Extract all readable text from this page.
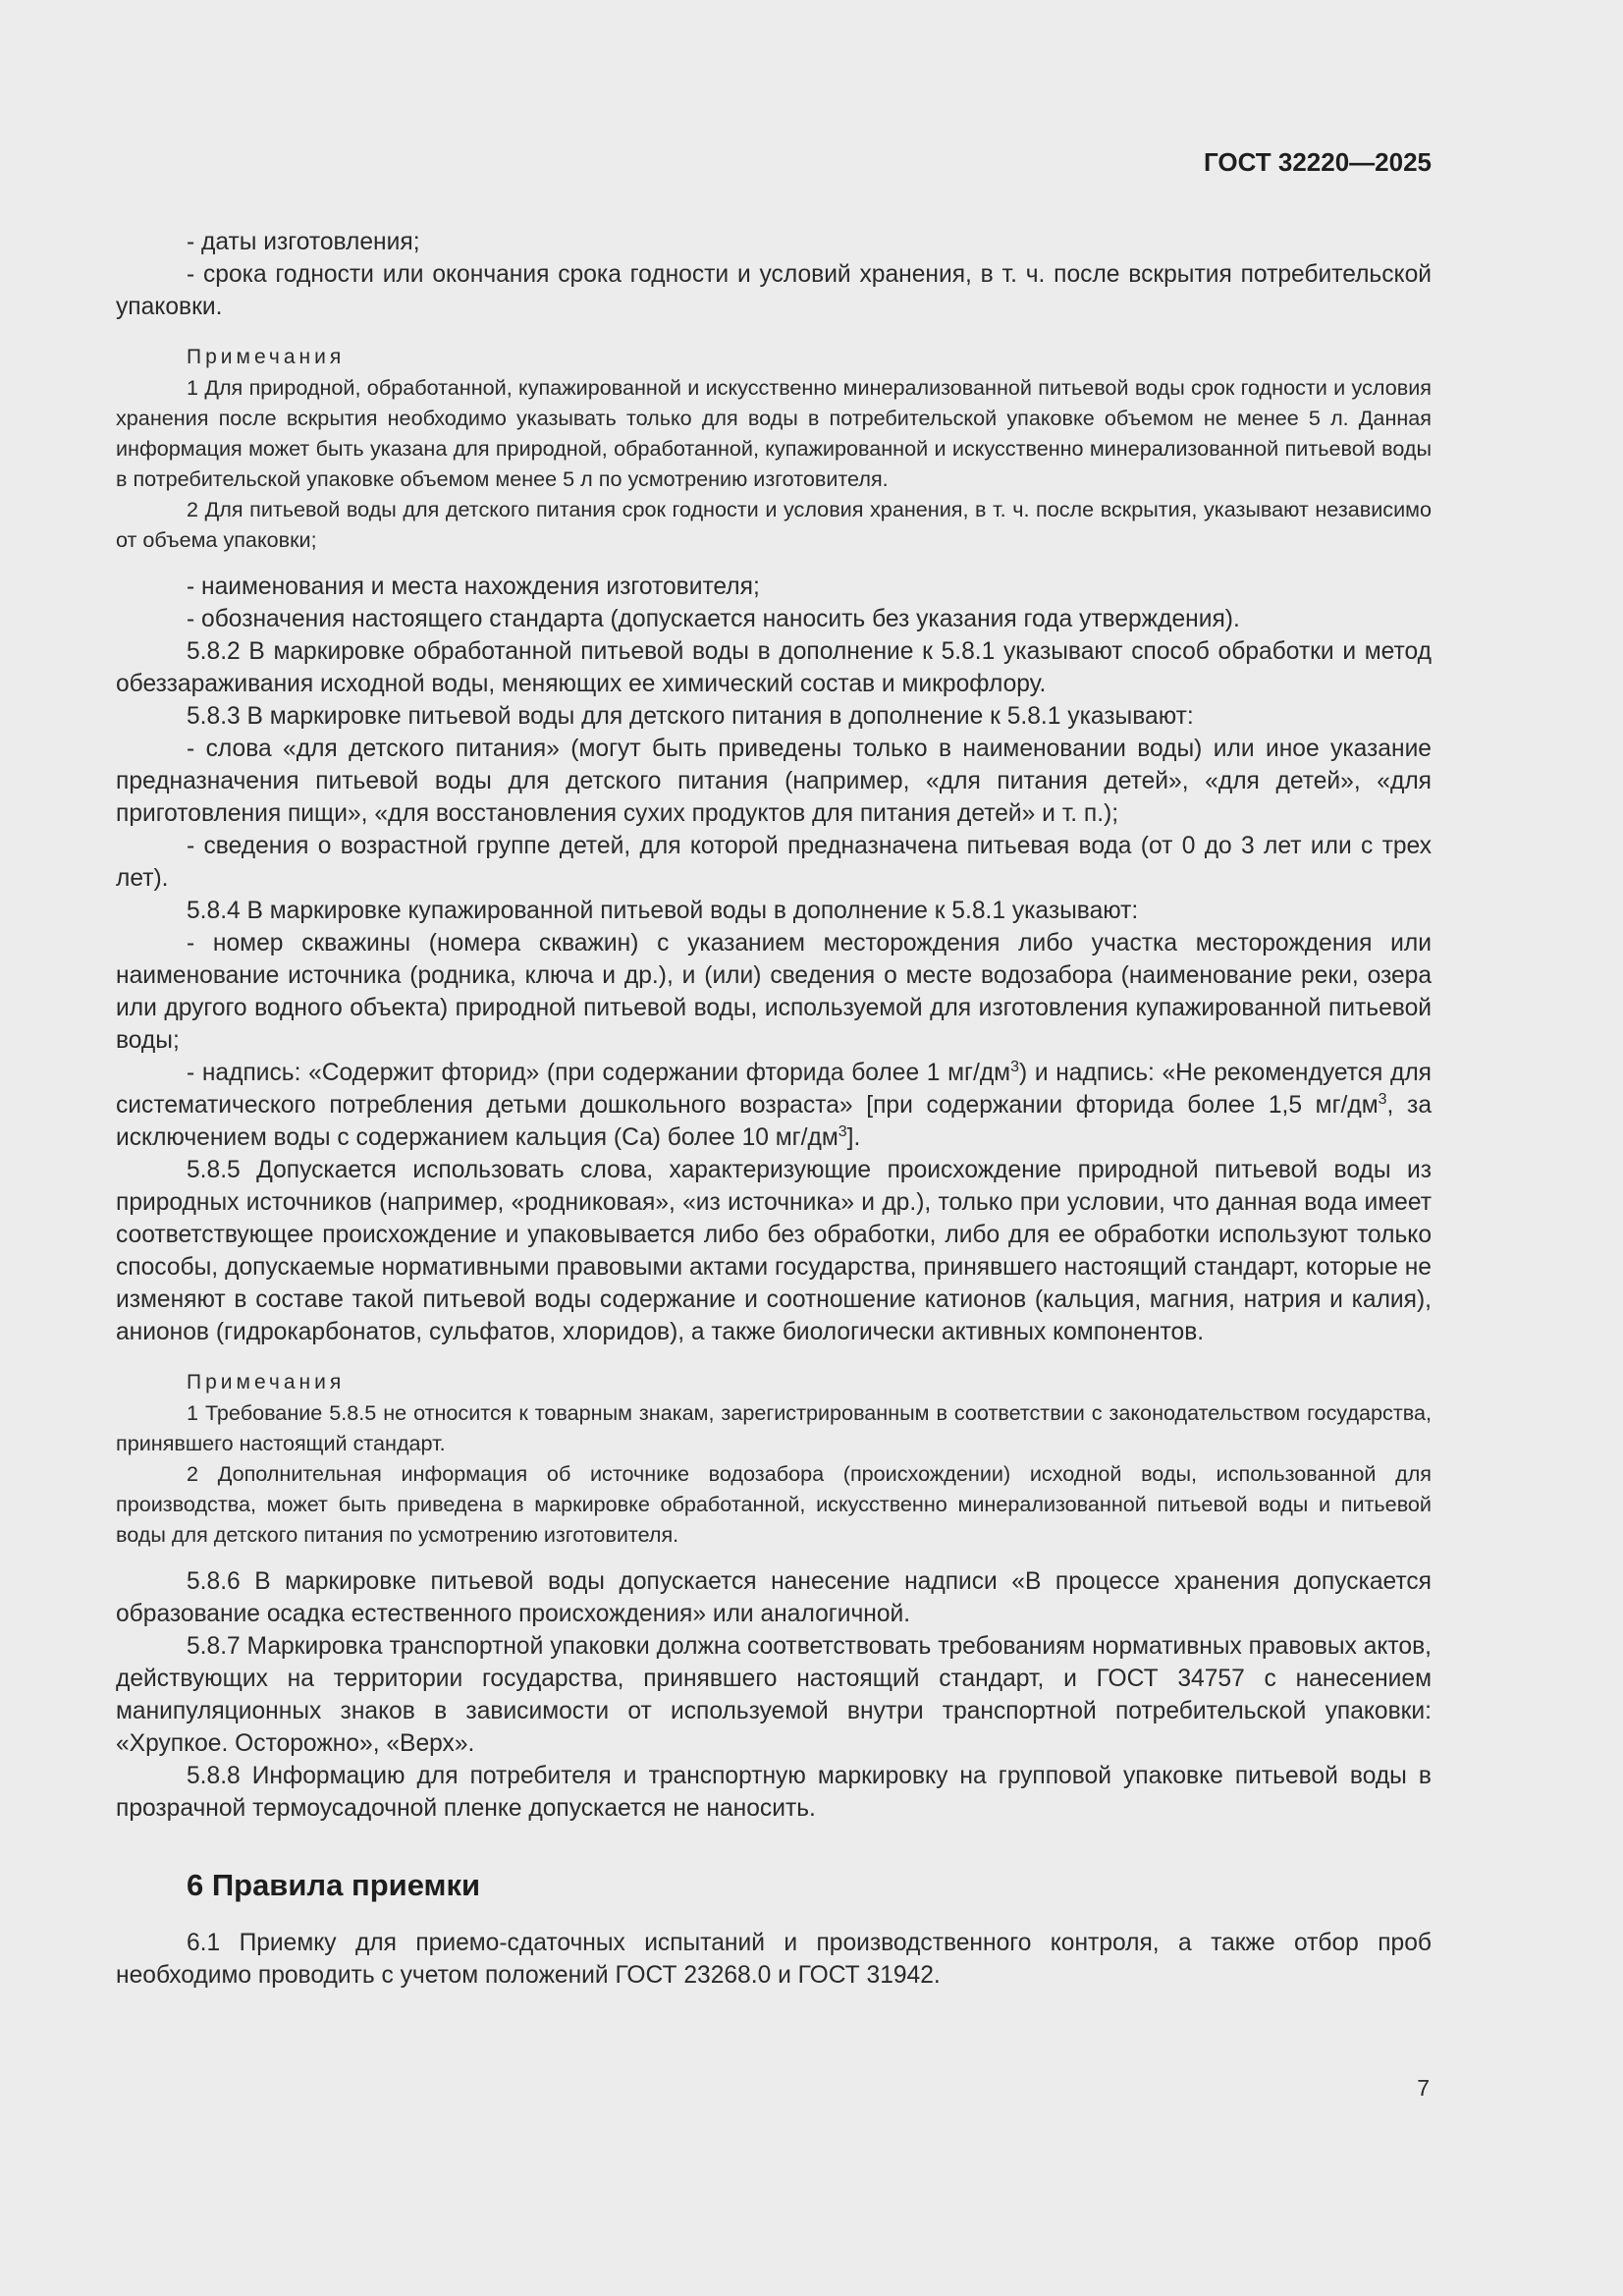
ГОСТ 32220—2025

- даты изготовления;

- срока годности или окончания срока годности и условий хранения, в т. ч. после вскрытия потребительской упаковки.

Примечания

1 Для природной, обработанной, купажированной и искусственно минерализованной питьевой воды срок годности и условия хранения после вскрытия необходимо указывать только для воды в потребительской упаковке объемом не менее 5 л. Данная информация может быть указана для природной, обработанной, купажированной и искусственно минерализованной питьевой воды в потребительской упаковке объемом менее 5 л по усмотрению изготовителя.

2 Для питьевой воды для детского питания срок годности и условия хранения, в т. ч. после вскрытия, указывают независимо от объема упаковки;

- наименования и места нахождения изготовителя;

- обозначения настоящего стандарта (допускается наносить без указания года утверждения).

5.8.2 В маркировке обработанной питьевой воды в дополнение к 5.8.1 указывают способ обработки и метод обеззараживания исходной воды, меняющих ее химический состав и микрофлору.

5.8.3 В маркировке питьевой воды для детского питания в дополнение к 5.8.1 указывают:

- слова «для детского питания» (могут быть приведены только в наименовании воды) или иное указание предназначения питьевой воды для детского питания (например, «для питания детей», «для детей», «для приготовления пищи», «для восстановления сухих продуктов для питания детей» и т. п.);

- сведения о возрастной группе детей, для которой предназначена питьевая вода (от 0 до 3 лет или с трех лет).

5.8.4 В маркировке купажированной питьевой воды в дополнение к 5.8.1 указывают:

- номер скважины (номера скважин) с указанием месторождения либо участка месторождения или наименование источника (родника, ключа и др.), и (или) сведения о месте водозабора (наименование реки, озера или другого водного объекта) природной питьевой воды, используемой для изготовления купажированной питьевой воды;

- надпись: «Содержит фторид» (при содержании фторида более 1 $мг/дм^3$) и надпись: «Не рекомендуется для систематического потребления детьми дошкольного возраста» [при содержании фторида более 1,5 $мг/дм^3$, за исключением воды с содержанием кальция (Са) более 10 $мг/дм^3$].

5.8.5 Допускается использовать слова, характеризующие происхождение природной питьевой воды из природных источников (например, «родниковая», «из источника» и др.), только при условии, что данная вода имеет соответствующее происхождение и упаковывается либо без обработки, либо для ее обработки используют только способы, допускаемые нормативными правовыми актами государства, принявшего настоящий стандарт, которые не изменяют в составе такой питьевой воды содержание и соотношение катионов (кальция, магния, натрия и калия), анионов (гидрокарбонатов, сульфатов, хлоридов), а также биологически активных компонентов.

Примечания

1 Требование 5.8.5 не относится к товарным знакам, зарегистрированным в соответствии с законодательством государства, принявшего настоящий стандарт.

2 Дополнительная информация об источнике водозабора (происхождении) исходной воды, использованной для производства, может быть приведена в маркировке обработанной, искусственно минерализованной питьевой воды и питьевой воды для детского питания по усмотрению изготовителя.

5.8.6 В маркировке питьевой воды допускается нанесение надписи «В процессе хранения допускается образование осадка естественного происхождения» или аналогичной.

5.8.7 Маркировка транспортной упаковки должна соответствовать требованиям нормативных правовых актов, действующих на территории государства, принявшего настоящий стандарт, и ГОСТ 34757 с нанесением манипуляционных знаков в зависимости от используемой внутри транспортной потребительской упаковки: «Хрупкое. Осторожно», «Верх».

5.8.8 Информацию для потребителя и транспортную маркировку на групповой упаковке питьевой воды в прозрачной термоусадочной пленке допускается не наносить.

6 Правила приемки

6.1 Приемку для приемо-сдаточных испытаний и производственного контроля, а также отбор проб необходимо проводить с учетом положений ГОСТ 23268.0 и ГОСТ 31942.

7
